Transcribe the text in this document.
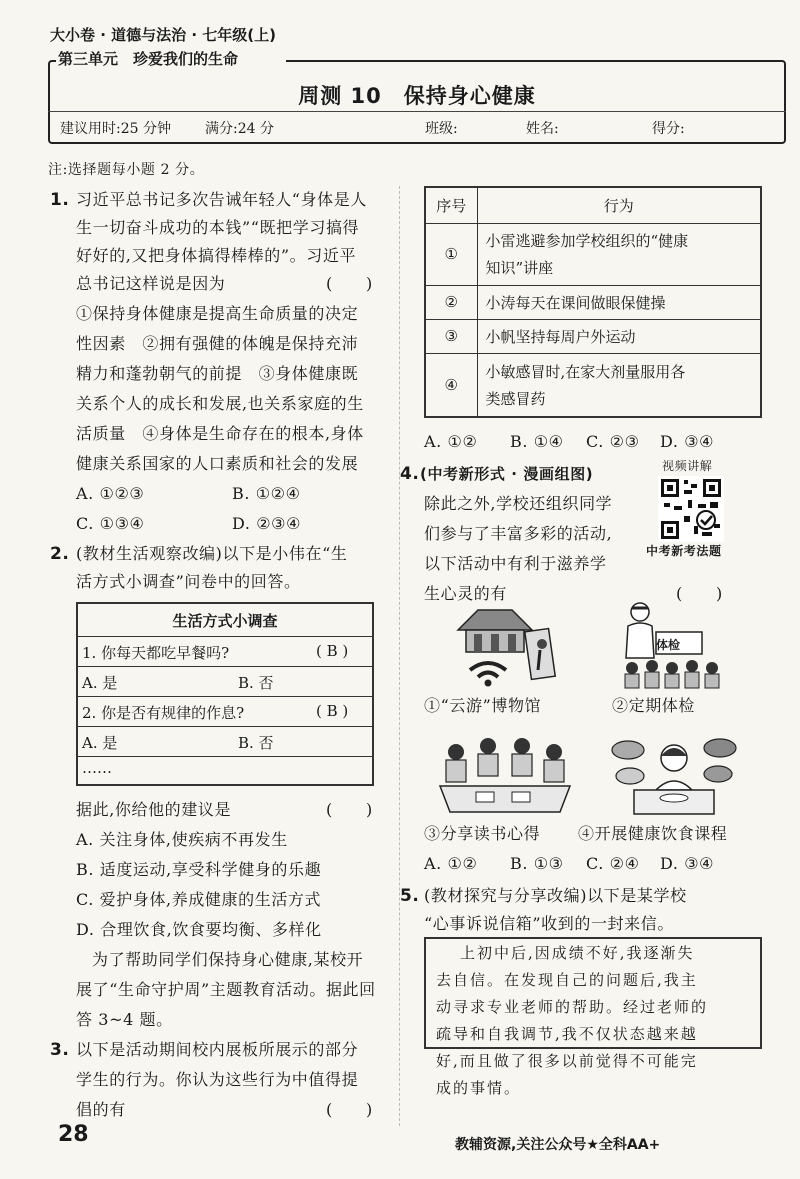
大小卷 · 道德与法治 · 七年级(上)
第三单元　珍爱我们的生命
周测 10　保持身心健康
建议用时:25 分钟 满分:24 分	班级:	姓名:	得分:
注:选择题每小题 2 分。
1. 习近平总书记多次告诫年轻人“身体是人
生一切奋斗成功的本钱”“既把学习搞得
好好的,又把身体搞得棒棒的”。习近平
总书记这样说是因为	(　　)
①保持身体健康是提高生命质量的决定
性因素　②拥有强健的体魄是保持充沛
精力和蓬勃朝气的前提　③身体健康既
关系个人的成长和发展,也关系家庭的生
活质量　④身体是生命存在的根本,身体
健康关系国家的人口素质和社会的发展
A. ①②③	B. ①②④
C. ①③④	D. ②③④
2. (教材生活观察改编)以下是小伟在“生
活方式小调查”问卷中的回答。
生活方式小调查
1. 你每天都吃早餐吗?	( B )
A. 是	B. 否
2. 你是否有规律的作息?	( B )
A. 是	B. 否
……
据此,你给他的建议是	(　　)
A. 关注身体,使疾病不再发生
B. 适度运动,享受科学健身的乐趣
C. 爱护身体,养成健康的生活方式
D. 合理饮食,饮食要均衡、多样化
为了帮助同学们保持身心健康,某校开
展了“生命守护周”主题教育活动。据此回
答 3~4 题。
3. 以下是活动期间校内展板所展示的部分
学生的行为。你认为这些行为中值得提
倡的有	(　　)
序号	行为
①	小雷逃避参加学校组织的“健康
知识”讲座

②	小涛每天在课间做眼保健操
③	小帆坚持每周户外运动
④	小敏感冒时,在家大剂量服用各
类感冒药
A. ①② B. ①④ C. ②③ D. ③④
4. (中考新形式 · 漫画组图)	视频讲解
中考新考法题
除此之外,学校还组织同学
们参与了丰富多彩的活动,
以下活动中有利于滋养学
生心灵的有	(　　)
①“云游”博物馆
体检
②定期体检
③分享读书心得 ④开展健康饮食课程
A. ①② B. ①③ C. ②④ D. ③④
5. (教材探究与分享改编)以下是某学校
“心事诉说信箱”收到的一封来信。
上初中后,因成绩不好,我逐渐失
去自信。在发现自己的问题后,我主
动寻求专业老师的帮助。经过老师的
疏导和自我调节,我不仅状态越来越
好,而且做了很多以前觉得不可能完
成的事情。
28	教辅资源,关注公众号★全科AA+
